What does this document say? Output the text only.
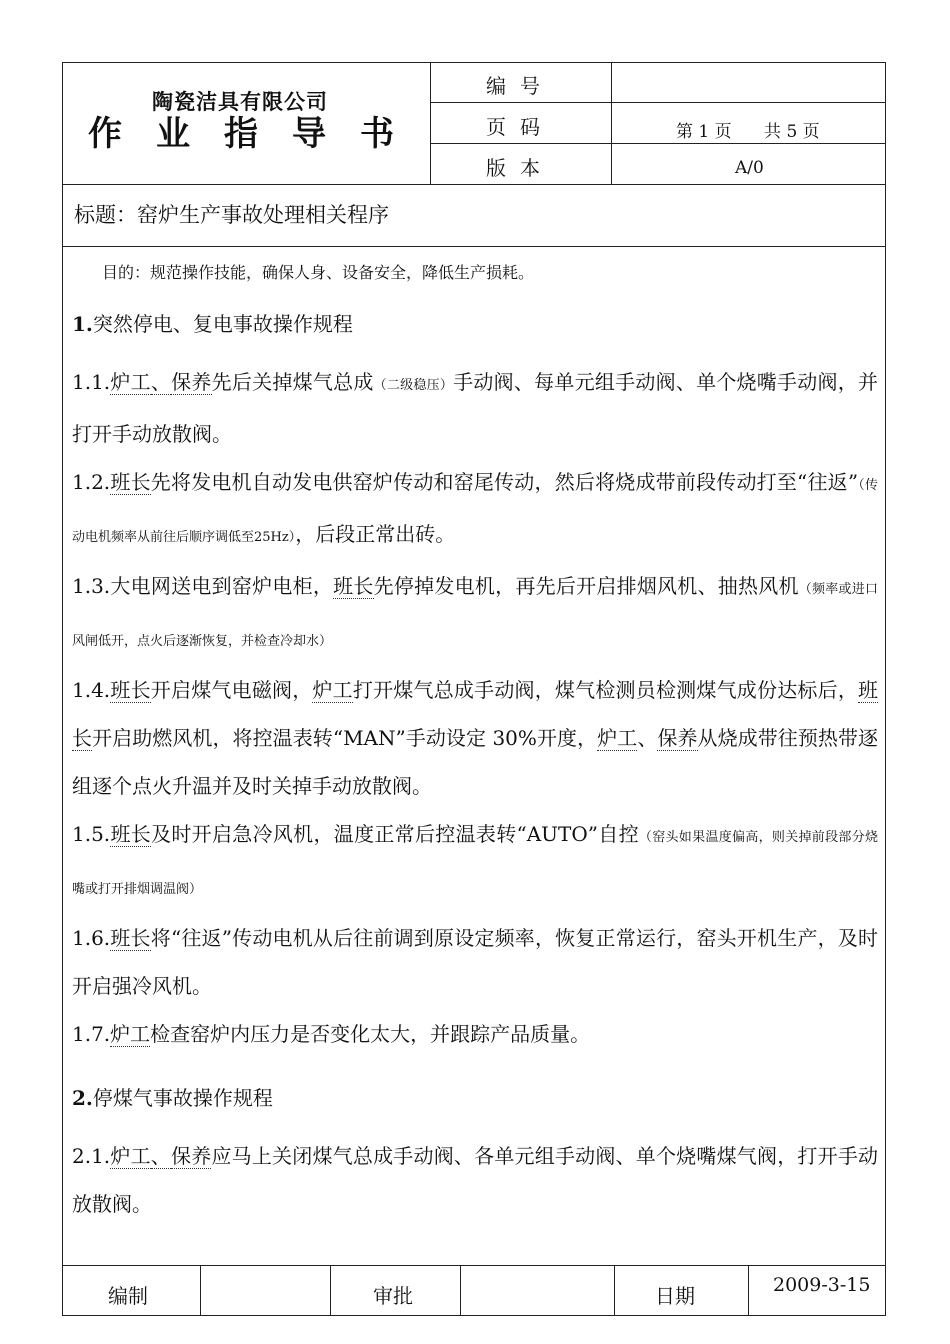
陶瓷洁具有限公司
作业指导书
编号
页码	第 1 页      共 5 页
版本	A/0
标题：窑炉生产事故处理相关程序
目的：规范操作技能，确保人身、设备安全，降低生产损耗。
1.突然停电、复电事故操作规程

1.1.炉工、保养先后关掉煤气总成（二级稳压）手动阀、每单元组手动阀、单个烧嘴手动阀，并打开手动放散阀。

1.2.班长先将发电机自动发电供窑炉传动和窑尾传动，然后将烧成带前段传动打至“往返”（传动电机频率从前往后顺序调低至25Hz），后段正常出砖。

1.3.大电网送电到窑炉电柜，班长先停掉发电机，再先后开启排烟风机、抽热风机（频率或进口风闸低开，点火后逐渐恢复，并检查冷却水）

1.4.班长开启煤气电磁阀，炉工打开煤气总成手动阀，煤气检测员检测煤气成份达标后，班长开启助燃风机，将控温表转“MAN”手动设定 30%开度，炉工、保养从烧成带往预热带逐组逐个点火升温并及时关掉手动放散阀。

1.5.班长及时开启急冷风机，温度正常后控温表转“AUTO”自控（窑头如果温度偏高，则关掉前段部分烧嘴或打开排烟调温阀）

1.6.班长将“往返”传动电机从后往前调到原设定频率，恢复正常运行，窑头开机生产，及时开启强冷风机。

1.7.炉工检查窑炉内压力是否变化太大，并跟踪产品质量。

2.停煤气事故操作规程

2.1.炉工、保养应马上关闭煤气总成手动阀、各单元组手动阀、单个烧嘴煤气阀，打开手动放散阀。

编制	审批	日期	2009-3-15
